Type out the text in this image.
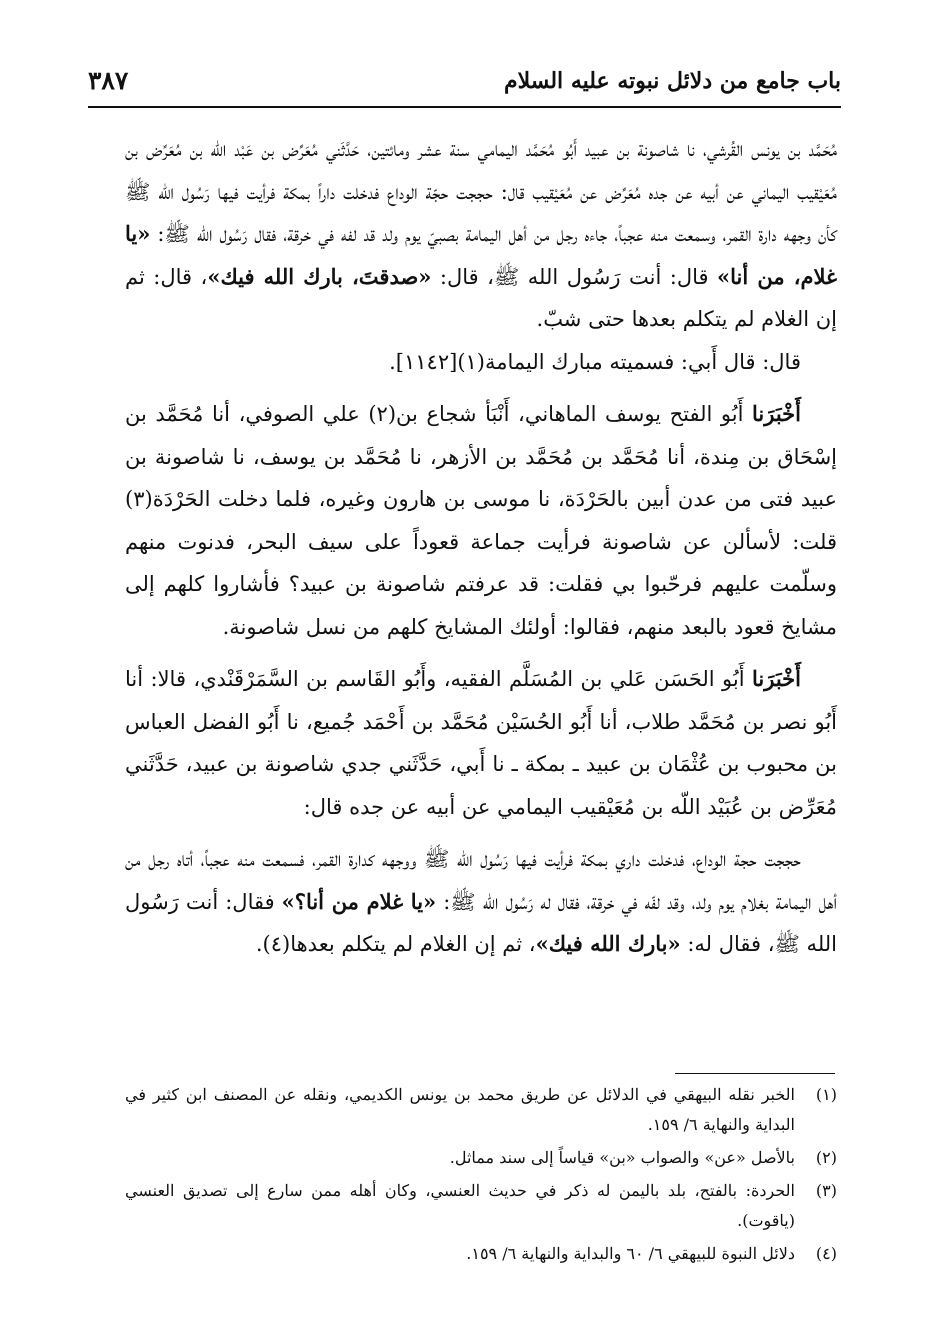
باب جامع من دلائل نبوته عليه السلام
٣٨٧

مُحَمَّد بن يونس القُرشي، نا شاصونة بن عبيد أَبُو مُحَمَّد اليمامي سنة عشر ومائتين، حَدَّثَني مُعَرِّض بن عَبْد اللّه بن مُعَرِّض بن مُعَيْقيب اليماني عن أبيه عن جده مُعَرِّض عن مُعَيْقيب قال: حججت حجّة الوداع فدخلت داراً بمكة فرأيت فيها رَسُول الله ﷺ كأن وجهه دارة القمر، وسمعت منه عجباً، جاءه رجل من أهل اليمامة بصبيّ يوم ولد قد لفه في خرقة، فقال رَسُول الله ﷺ: «يا غلام، من أنا» قال: أنت رَسُول الله ﷺ، قال: «صدقتَ، بارك الله فيك»، قال: ثم إن الغلام لم يتكلم بعدها حتى شبّ.

قال: قال أَبي: فسميته مبارك اليمامة(١)[١١٤٢].

أَخْبَرَنا أَبُو الفتح يوسف الماهاني، أَنْبَأ شجاع بن(٢) علي الصوفي، أنا مُحَمَّد بن إسْحَاق بن مِندة، أنا مُحَمَّد بن مُحَمَّد بن الأزهر، نا مُحَمَّد بن يوسف، نا شاصونة بن عبيد فتى من عدن أبين بالحَرْدَة، نا موسى بن هارون وغيره، فلما دخلت الحَرْدَة(٣) قلت: لأسألن عن شاصونة فرأيت جماعة قعوداً على سيف البحر، فدنوت منهم وسلّمت عليهم فرحّبوا بي فقلت: قد عرفتم شاصونة بن عبيد؟ فأشاروا كلهم إلى مشايخ قعود بالبعد منهم، فقالوا: أولئك المشايخ كلهم من نسل شاصونة.

أَخْبَرَنا أَبُو الحَسَن عَلي بن المُسَلَّم الفقيه، وأَبُو القَاسم بن السَّمَرْقَنْدي، قالا: أنا أَبُو نصر بن مُحَمَّد طلاب، أنا أَبُو الحُسَيْن مُحَمَّد بن أَحْمَد جُميع، نا أَبُو الفضل العباس بن محبوب بن عُثْمَان بن عبيد ـ بمكة ـ نا أَبي، حَدَّثَني جدي شاصونة بن عبيد، حَدَّثَني مُعَرِّض بن عُبَيْد اللّه بن مُعَيْقيب اليمامي عن أبيه عن جده قال:

حججت حجة الوداع، فدخلت داري بمكة فرأيت فيها رَسُول الله ﷺ ووجهه كدارة القمر، فسمعت منه عجباً، أتاه رجل من أهل اليمامة بغلام يوم ولد، وقد لفّه في خرقة، فقال له رَسُول الله ﷺ: «يا غلام من أنا؟» فقال: أنت رَسُول الله ﷺ، فقال له: «بارك الله فيك»، ثم إن الغلام لم يتكلم بعدها(٤).

(١)
الخبر نقله البيهقي في الدلائل عن طريق محمد بن يونس الكديمي، ونقله عن المصنف ابن كثير في البداية والنهاية ٦/ ١٥٩.
(٢)
بالأصل «عن» والصواب «بن» قياساً إلى سند مماثل.
(٣)
الحردة: بالفتح، بلد باليمن له ذكر في حديث العنسي، وكان أهله ممن سارع إلى تصديق العنسي (ياقوت).
(٤)
دلائل النبوة للبيهقي ٦/ ٦٠ والبداية والنهاية ٦/ ١٥٩.
